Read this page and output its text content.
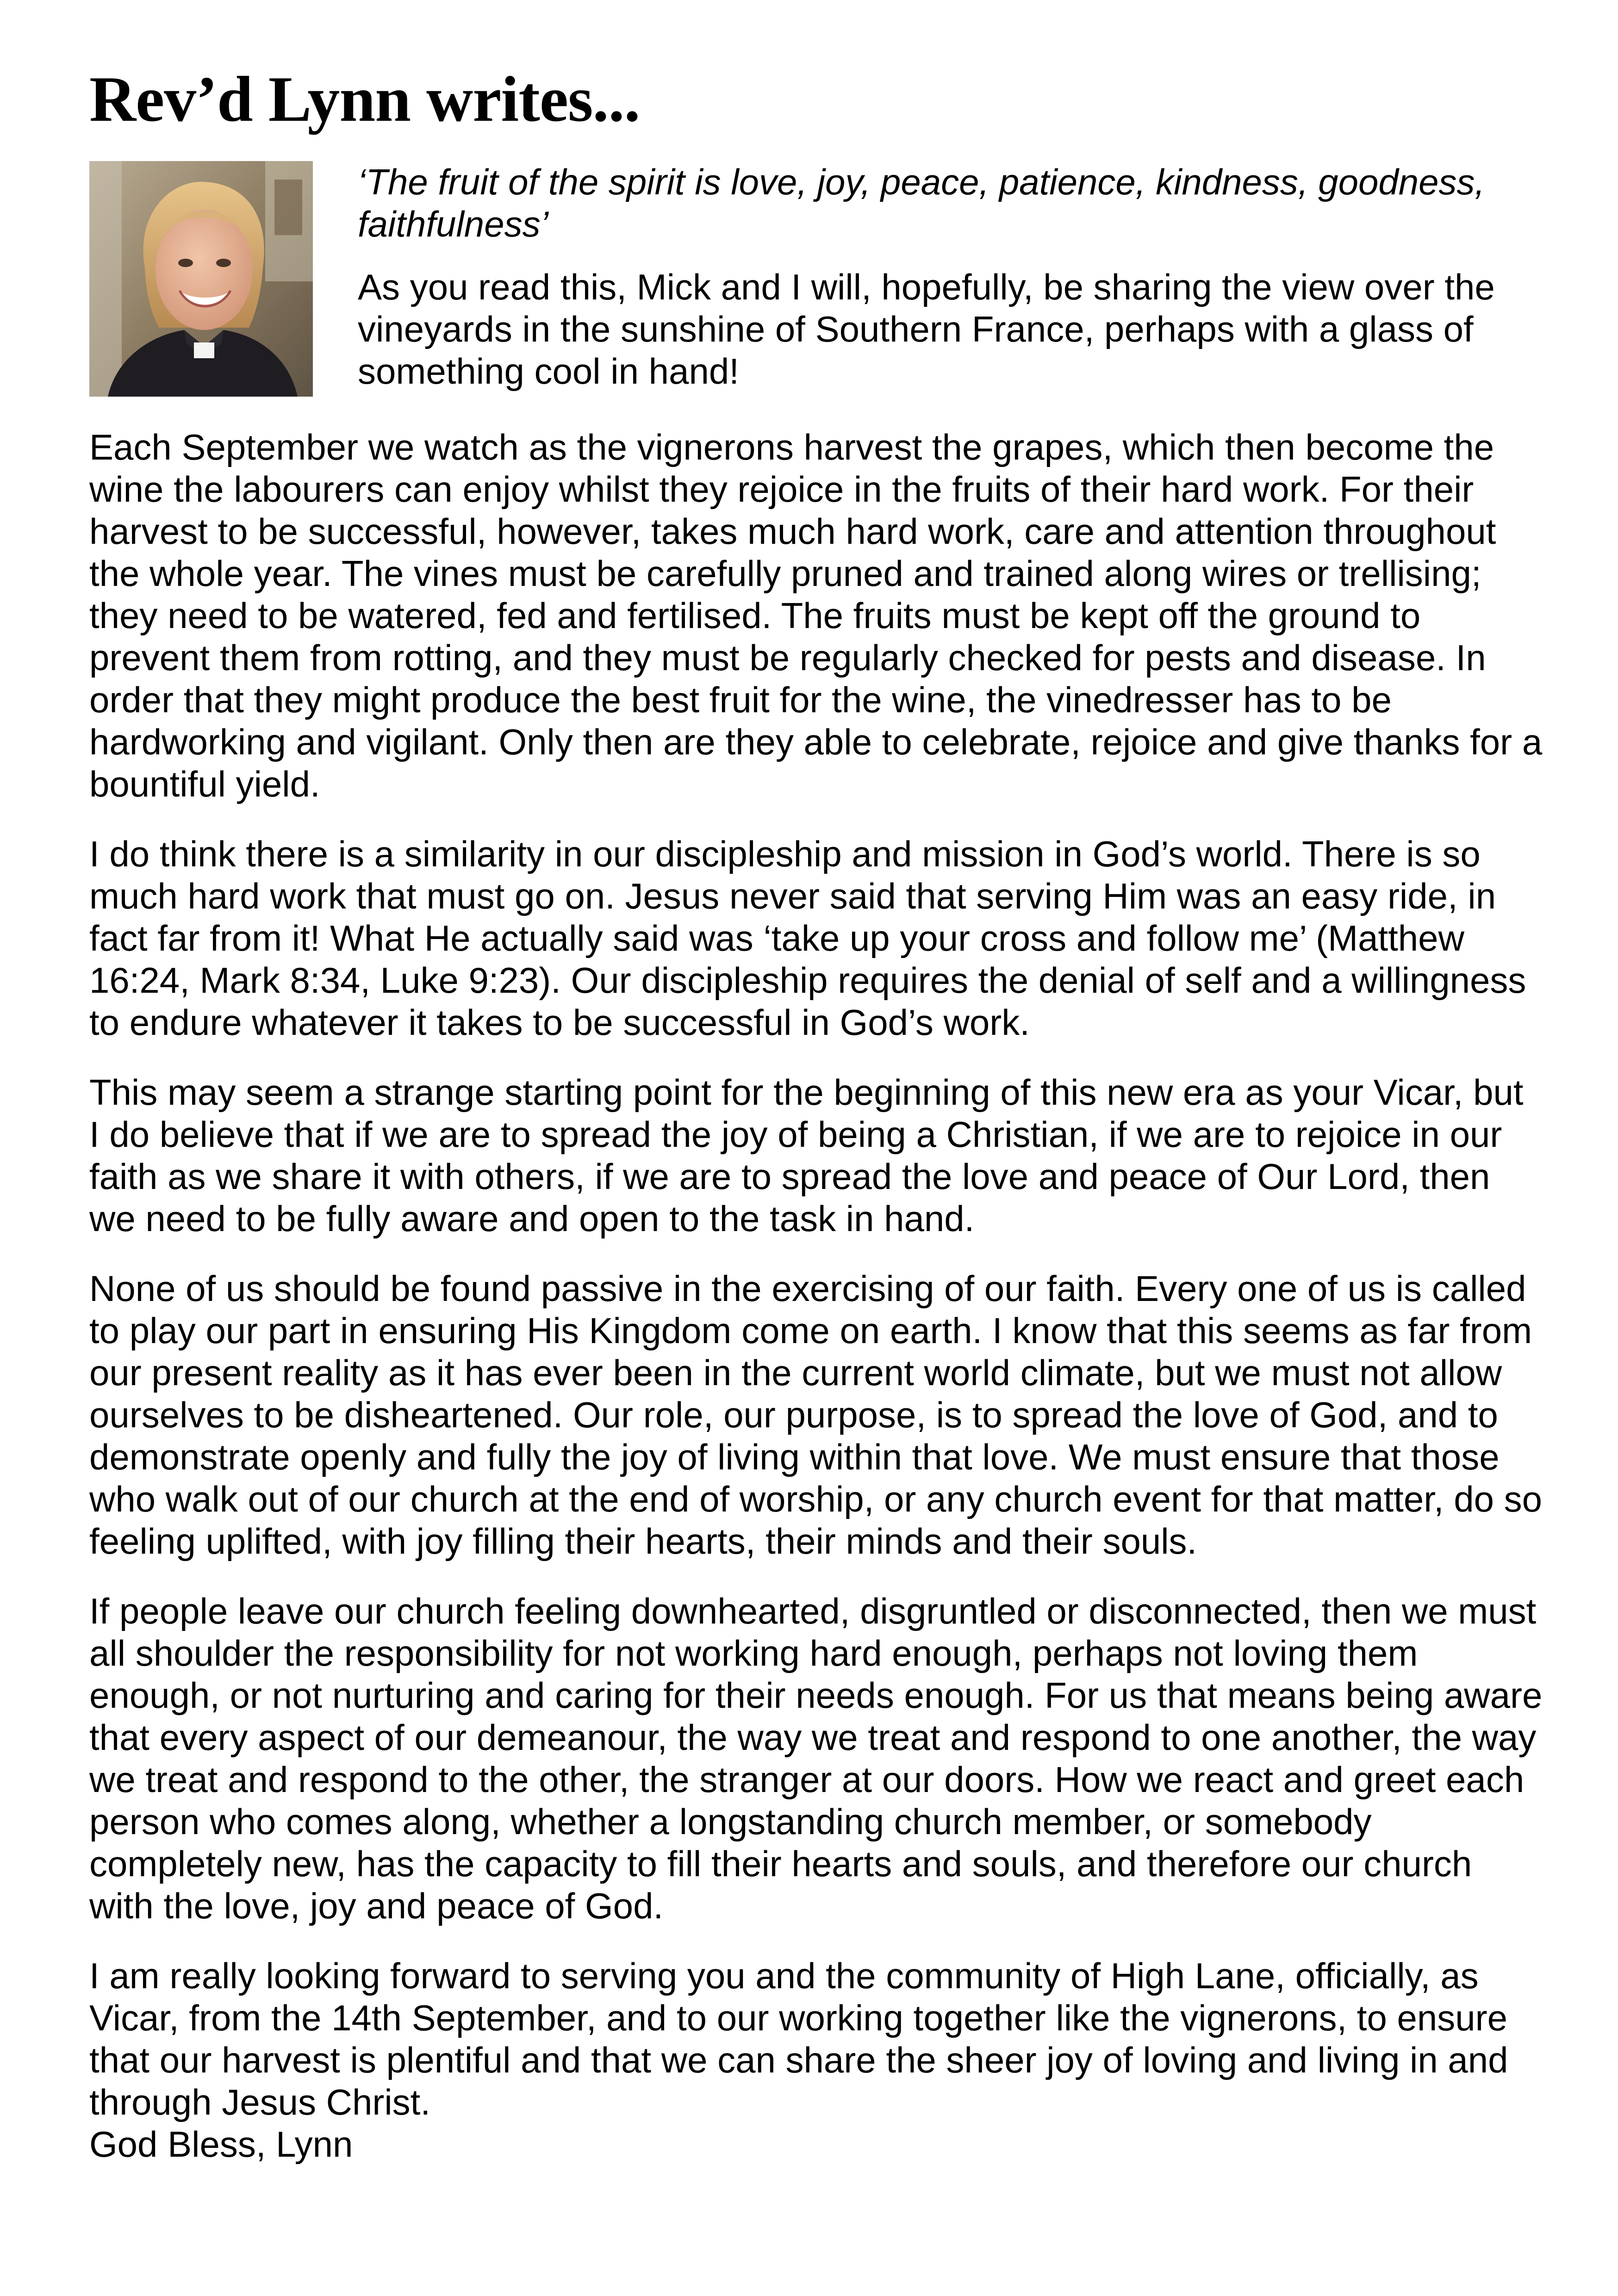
Rev’d Lynn writes...

‘The fruit of the spirit is love, joy, peace, patience, kindness, goodness, faithfulness’

As you read this, Mick and I will, hopefully, be sharing the view over the vineyards in the sunshine of Southern France, perhaps with a glass of something cool in hand!

Each September we watch as the vignerons harvest the grapes, which then become the wine the labourers can enjoy whilst they rejoice in the fruits of their hard work. For their harvest to be successful, however, takes much hard work, care and attention throughout the whole year. The vines must be carefully pruned and trained along wires or trellising; they need to be watered, fed and fertilised. The fruits must be kept off the ground to prevent them from rotting, and they must be regularly checked for pests and disease. In order that they might produce the best fruit for the wine, the vinedresser has to be hardworking and vigilant. Only then are they able to celebrate, rejoice and give thanks for a bountiful yield.

I do think there is a similarity in our discipleship and mission in God’s world. There is so much hard work that must go on. Jesus never said that serving Him was an easy ride, in fact far from it! What He actually said was ‘take up your cross and follow me’ (Matthew 16:24, Mark 8:34, Luke 9:23). Our discipleship requires the denial of self and a willingness to endure whatever it takes to be successful in God’s work.

This may seem a strange starting point for the beginning of this new era as your Vicar, but I do believe that if we are to spread the joy of being a Christian, if we are to rejoice in our faith as we share it with others, if we are to spread the love and peace of Our Lord, then we need to be fully aware and open to the task in hand.

None of us should be found passive in the exercising of our faith. Every one of us is called to play our part in ensuring His Kingdom come on earth. I know that this seems as far from our present reality as it has ever been in the current world climate, but we must not allow ourselves to be disheartened. Our role, our purpose, is to spread the love of God, and to demonstrate openly and fully the joy of living within that love. We must ensure that those who walk out of our church at the end of worship, or any church event for that matter, do so feeling uplifted, with joy filling their hearts, their minds and their souls.

If people leave our church feeling downhearted, disgruntled or disconnected, then we must all shoulder the responsibility for not working hard enough, perhaps not loving them enough, or not nurturing and caring for their needs enough. For us that means being aware that every aspect of our demeanour, the way we treat and respond to one another, the way we treat and respond to the other, the stranger at our doors. How we react and greet each person who comes along, whether a longstanding church member, or somebody completely new, has the capacity to fill their hearts and souls, and therefore our church with the love, joy and peace of God.

I am really looking forward to serving you and the community of High Lane, officially, as Vicar, from the 14th September, and to our working together like the vignerons, to ensure that our harvest is plentiful and that we can share the sheer joy of loving and living in and through Jesus Christ.

God Bless, Lynn
